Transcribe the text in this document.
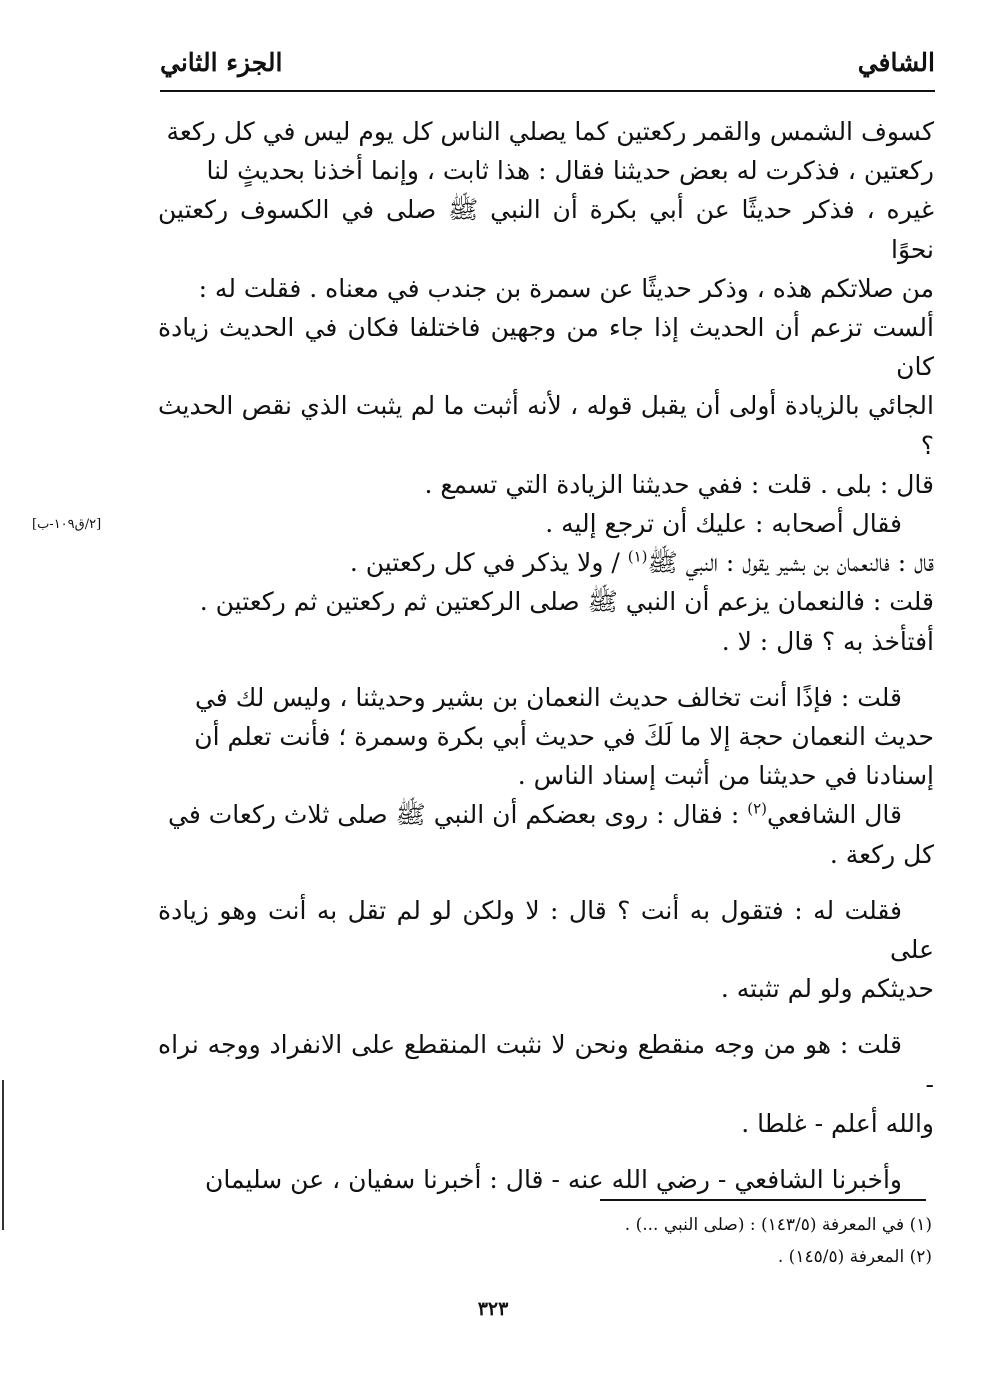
الشافي
الجزء الثاني

كسوف الشمس والقمر ركعتين كما يصلي الناس كل يوم ليس في كل ركعة

ركعتين ، فذكرت له بعض حديثنا فقال : هذا ثابت ، وإنما أخذنا بحديثٍ لنا

غيره ، فذكر حديثًا عن أبي بكرة أن النبي ﷺ صلى في الكسوف ركعتين نحوًا

من صلاتكم هذه ، وذكر حديثًا عن سمرة بن جندب في معناه . فقلت له :

ألست تزعم أن الحديث إذا جاء من وجهين فاختلفا فكان في الحديث زيادة كان

الجائي بالزيادة أولى أن يقبل قوله ، لأنه أثبت ما لم يثبت الذي نقص الحديث ؟

قال : بلى . قلت : ففي حديثنا الزيادة التي تسمع .

فقال أصحابه : عليك أن ترجع إليه .

قال : فالنعمان بن بشير يقول : النبي ﷺ$^{(١)}$ / ولا يذكر في كل ركعتين .

قلت : فالنعمان يزعم أن النبي ﷺ صلى الركعتين ثم ركعتين ثم ركعتين .

أفتأخذ به ؟ قال : لا .

قلت : فإذًا أنت تخالف حديث النعمان بن بشير وحديثنا ، وليس لك في

حديث النعمان حجة إلا ما لَكَ في حديث أبي بكرة وسمرة ؛ فأنت تعلم أن

إسنادنا في حديثنا من أثبت إسناد الناس .

قال الشافعي$^{(٢)}$ : فقال : روى بعضكم أن النبي ﷺ صلى ثلاث ركعات في

كل ركعة .

فقلت له : فتقول به أنت ؟ قال : لا ولكن لو لم تقل به أنت وهو زيادة على

حديثكم ولو لم تثبته .

قلت : هو من وجه منقطع ونحن لا نثبت المنقطع على الانفراد ووجه نراه -

والله أعلم - غلطا .

وأخبرنا الشافعي - رضي الله عنه - قال : أخبرنا سفيان ، عن سليمان

[٢/ق١٠٩-ب]
(١) في المعرفة (١٤٣/٥) : (صلى النبي ...) .
(٢) المعرفة (١٤٥/٥) .
٣٢٣
